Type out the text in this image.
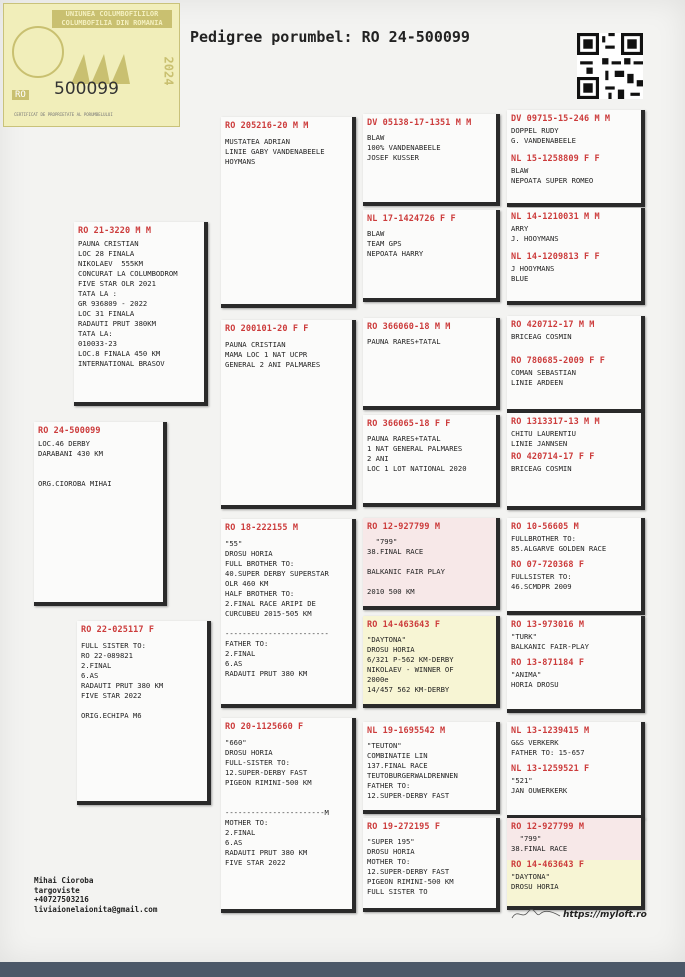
UNIUNEA COLUMBOFILILOR
COLUMBOFILIA DIN ROMANIA
RO 500099
2024
CERTIFICAT DE PROPRIETATE AL PORUMBELULUI
Pedigree porumbel: RO 24-500099
RO 24-500099
LOC.46 DERBY
DARABANI 430 KM

ORG.CIOROBA MIHAI
RO 21-3220 M M
PAUNA CRISTIAN
LOC 28 FINALA
NIKOLAEV  555KM
CONCURAT LA COLUMBODROM
FIVE STAR OLR 2021
TATA LA :
GR 936809 - 2022
LOC 31 FINALA
RADAUTI PRUT 380KM
TATA LA:
010033-23
LOC.8 FINALA 450 KM
INTERNATIONAL BRASOV
RO 22-025117 F
FULL SISTER TO:
RO 22-089821
2.FINAL
6.AS
RADAUTI PRUT 380 KM
FIVE STAR 2022

ORIG.ECHIPA M6
RO 205216-20 M M
MUSTATEA ADRIAN
LINIE GABY VANDENABEELE
HOYMANS
RO 200101-20 F F
PAUNA CRISTIAN
MAMA LOC 1 NAT UCPR
GENERAL 2 ANI PALMARES
RO 18-222155 M
"55"
DROSU HORIA
FULL BROTHER TO:
40.SUPER DERBY SUPERSTAR
OLR 460 KM
HALF BROTHER TO:
2.FINAL RACE ARIPI DE
CURCUBEU 2015-505 KM

------------------------
FATHER TO:
2.FINAL
6.AS
RADAUTI PRUT 380 KM
RO 20-1125660 F
"660"
DROSU HORIA
FULL-SISTER TO:
12.SUPER-DERBY FAST
PIGEON RIMINI-500 KM

-----------------------M
MOTHER TO:
2.FINAL
6.AS
RADAUTI PRUT 380 KM
FIVE STAR 2022
DV 05138-17-1351 M M
BLAW
100% VANDENABEELE
JOSEF KUSSER
NL 17-1424726 F F
BLAW
TEAM GPS
NEPOATA HARRY
RO 366060-18 M M
PAUNA RARES+TATAL
RO 366065-18 F F
PAUNA RARES+TATAL
1 NAT GENERAL PALMARES
2 ANI
LOC 1 LOT NATIONAL 2020
RO 12-927799 M
"799"
38.FINAL RACE

BALKANIC FAIR PLAY

2010 500 KM
RO 14-463643 F
"DAYTONA"
DROSU HORIA
6/321 P-562 KM-DERBY
NIKOLAEV - WINNER OF
2000e
14/457 562 KM-DERBY
NL 19-1695542 M
"TEUTON"
COMBINATIE LIN
137.FINAL RACE
TEUTOBURGERWALDRENNEN
FATHER TO:
12.SUPER-DERBY FAST
RO 19-272195 F
"SUPER 195"
DROSU HORIA
MOTHER TO:
12.SUPER-DERBY FAST
PIGEON RIMINI-500 KM
FULL SISTER TO
DV 09715-15-246 M M
DOPPEL RUDY
G. VANDENABEELE
NL 15-1258809 F F
BLAW
NEPOATA SUPER ROMEO
NL 14-1210031 M M
ARRY
J. HOOYMANS
NL 14-1209813 F F
J HOOYMANS
BLUE
RO 420712-17 M M
BRICEAG COSMIN
RO 780685-2009 F F
COMAN SEBASTIAN
LINIE ARDEEN
RO 1313317-13 M M
CHITU LAURENTIU
LINIE JANNSEN
RO 420714-17 F F
BRICEAG COSMIN
RO 10-56605 M
FULLBROTHER TO:
85.ALGARVE GOLDEN RACE
RO 07-720368 F
FULLSISTER TO:
46.SCMDPR 2009
RO 13-973016 M
"TURK"
BALKANIC FAIR-PLAY
RO 13-871184 F
"ANIMA"
HORIA DROSU
NL 13-1239415 M
G&S VERKERK
FATHER TO: 15-657
NL 13-1259521 F
"521"
JAN OUWERKERK
RO 12-927799 M
"799"
38.FINAL RACE
RO 14-463643 F
"DAYTONA"
DROSU HORIA
Mihai Cioroba
targoviste
+40727503216
liviaionelaionita@gmail.com
https://myloft.ro
